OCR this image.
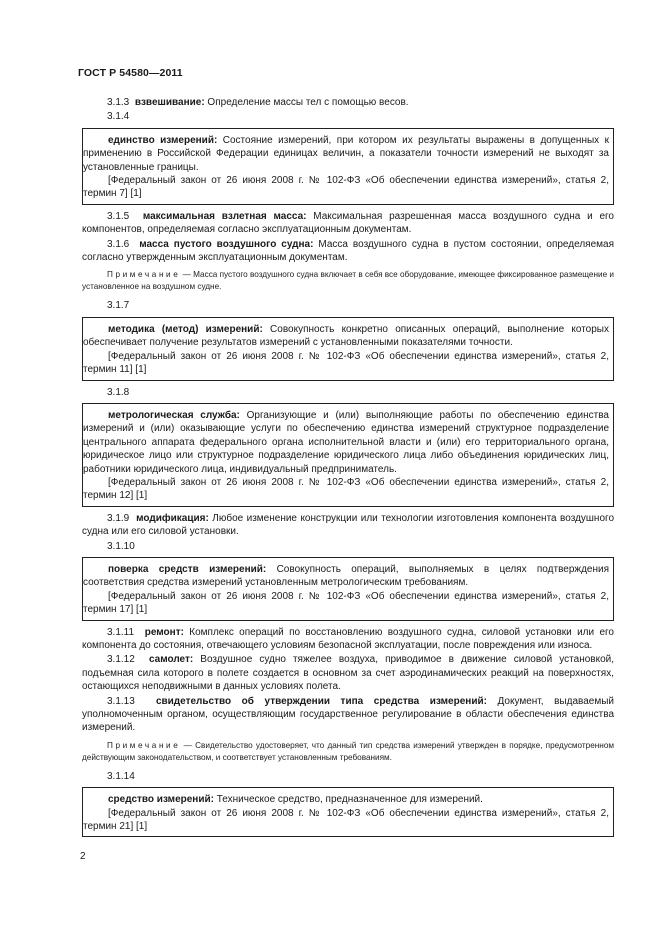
ГОСТ Р 54580—2011

3.1.3 взвешивание: Определение массы тел с помощью весов.

3.1.4

единство измерений: Состояние измерений, при котором их результаты выражены в допущенных к применению в Российской Федерации единицах величин, а показатели точности измерений не выходят за установленные границы.

[Федеральный закон от 26 июня 2008 г. № 102-ФЗ «Об обеспечении единства измерений», статья 2, термин 7] [1]

3.1.5 максимальная взлетная масса: Максимальная разрешенная масса воздушного судна и его компонентов, определяемая согласно эксплуатационным документам.

3.1.6 масса пустого воздушного судна: Масса воздушного судна в пустом состоянии, определяемая согласно утвержденным эксплуатационным документам.

Примечание — Масса пустого воздушного судна включает в себя все оборудование, имеющее фиксированное размещение и установленное на воздушном судне.

3.1.7

методика (метод) измерений: Совокупность конкретно описанных операций, выполнение которых обеспечивает получение результатов измерений с установленными показателями точности.

[Федеральный закон от 26 июня 2008 г. № 102-ФЗ «Об обеспечении единства измерений», статья 2, термин 11] [1]

3.1.8

метрологическая служба: Организующие и (или) выполняющие работы по обеспечению единства измерений и (или) оказывающие услуги по обеспечению единства измерений структурное подразделение центрального аппарата федерального органа исполнительной власти и (или) его территориального органа, юридическое лицо или структурное подразделение юридического лица либо объединения юридических лиц, работники юридического лица, индивидуальный предприниматель.

[Федеральный закон от 26 июня 2008 г. № 102-ФЗ «Об обеспечении единства измерений», статья 2, термин 12] [1]

3.1.9 модификация: Любое изменение конструкции или технологии изготовления компонента воздушного судна или его силовой установки.

3.1.10

поверка средств измерений: Совокупность операций, выполняемых в целях подтверждения соответствия средства измерений установленным метрологическим требованиям.

[Федеральный закон от 26 июня 2008 г. № 102-ФЗ «Об обеспечении единства измерений», статья 2, термин 17] [1]

3.1.11 ремонт: Комплекс операций по восстановлению воздушного судна, силовой установки или его компонента до состояния, отвечающего условиям безопасной эксплуатации, после повреждения или износа.

3.1.12 самолет: Воздушное судно тяжелее воздуха, приводимое в движение силовой установкой, подъемная сила которого в полете создается в основном за счет аэродинамических реакций на поверхностях, остающихся неподвижными в данных условиях полета.

3.1.13 свидетельство об утверждении типа средства измерений: Документ, выдаваемый уполномоченным органом, осуществляющим государственное регулирование в области обеспечения единства измерений.

Примечание — Свидетельство удостоверяет, что данный тип средства измерений утвержден в порядке, предусмотренном действующим законодательством, и соответствует установленным требованиям.

3.1.14

средство измерений: Техническое средство, предназначенное для измерений.

[Федеральный закон от 26 июня 2008 г. № 102-ФЗ «Об обеспечении единства измерений», статья 2, термин 21] [1]

2
